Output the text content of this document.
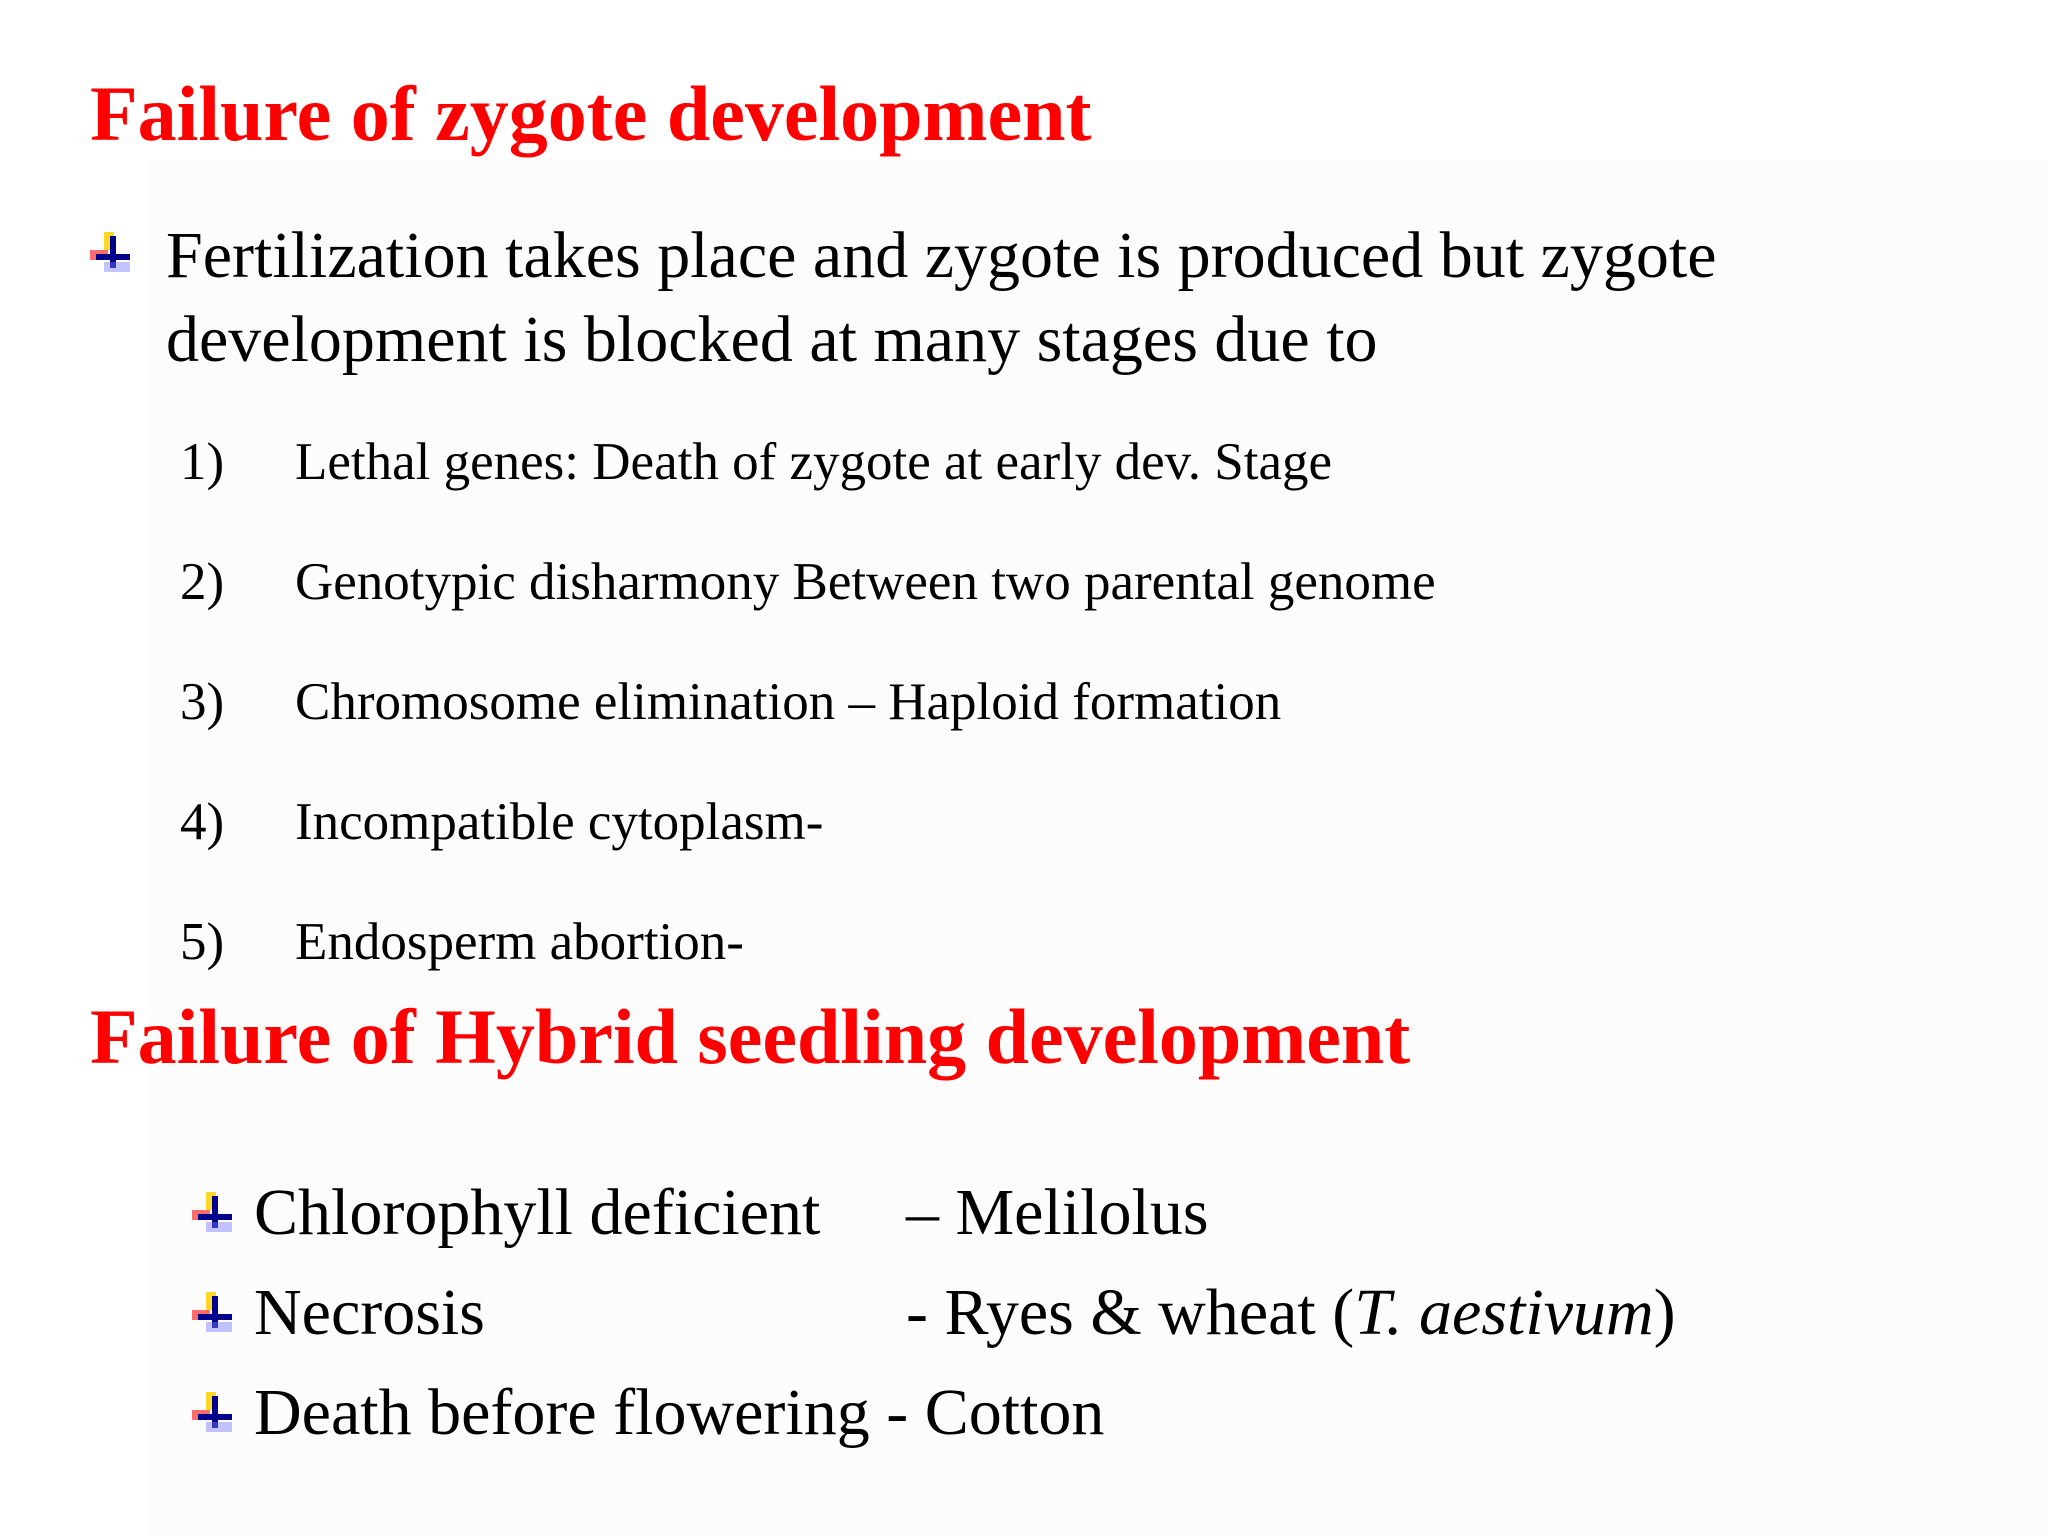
Failure of zygote development
Fertilization takes place and zygote is produced but zygote development is blocked at many stages due to
1) Lethal genes: Death of zygote at early dev. Stage
2) Genotypic disharmony Between two parental genome
3) Chromosome elimination – Haploid formation
4) Incompatible cytoplasm-
5) Endosperm abortion-
Failure of Hybrid seedling development
Chlorophyll deficient – Melilolus
Necrosis	- Ryes & wheat (T. aestivum)
Death before flowering - Cotton
